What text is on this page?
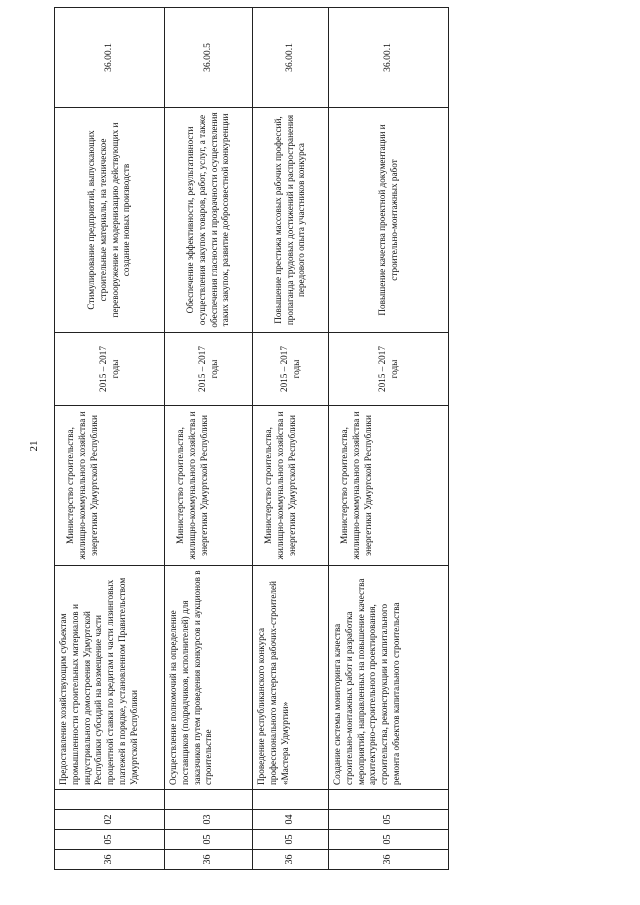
21
36	05	02		Предоставление хозяйствующим субъектам промышленности строительных материалов и индустриального домостроения Удмуртской Республики субсидий на возмещение части процентной ставки по кредитам и части лизинговых платежей в порядке, установленном Правительством Удмуртской Республики	Министерство строительства, жилищно-коммунального хозяйства и энергетики Удмуртской Республики	2015 – 2017 годы	Стимулирование предприятий, выпускающих строительные материалы, на техническое перевооружение и модернизацию действующих и создание новых производств	36.00.1
36	05	03		Осуществление полномочий на определение поставщиков (подрядчиков, исполнителей) для заказчиков путем проведения конкурсов и аукционов в строительстве	Министерство строительства, жилищно-коммунального хозяйства и энергетики Удмуртской Республики	2015 – 2017 годы	Обеспечение эффективности, результативности осуществления закупок товаров, работ, услуг, а также обеспечения гласности и прозрачности осуществления таких закупок, развитие добросовестной конкуренции	36.00.5
36	05	04		Проведение республиканского конкурса профессионального мастерства рабочих-строителей «Мастера Удмуртии»	Министерство строительства, жилищно-коммунального хозяйства и энергетики Удмуртской Республики	2015 – 2017 годы	Повышение престижа массовых рабочих профессий, пропаганда трудовых достижений и распространения передового опыта участников конкурса	36.00.1
36	05	05		Создание системы мониторинга качества строительно-монтажных работ и разработка мероприятий, направленных на повышение качества архитектурно-строительного проектирования, строительства, реконструкции и капитального ремонта объектов капитального строительства	Министерство строительства, жилищно-коммунального хозяйства и энергетики Удмуртской Республики	2015 – 2017 годы	Повышение качества проектной документации и строительно-монтажных работ	36.00.1
